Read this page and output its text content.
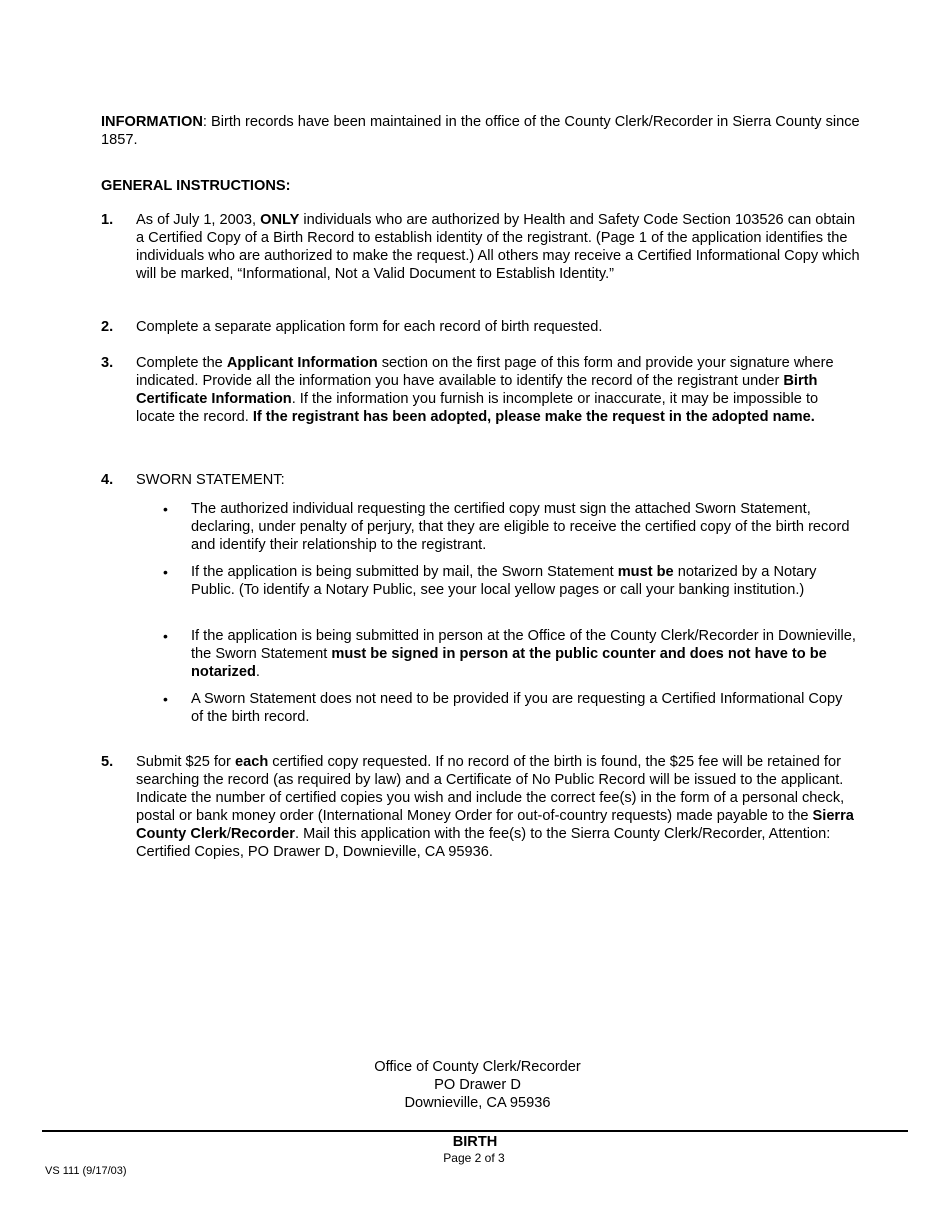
INFORMATION: Birth records have been maintained in the office of the County Clerk/Recorder in Sierra County since 1857.

GENERAL INSTRUCTIONS:

1. As of July 1, 2003, ONLY individuals who are authorized by Health and Safety Code Section 103526 can obtain a Certified Copy of a Birth Record to establish identity of the registrant. (Page 1 of the application identifies the individuals who are authorized to make the request.) All others may receive a Certified Informational Copy which will be marked, “Informational, Not a Valid Document to Establish Identity.”

2. Complete a separate application form for each record of birth requested.

3. Complete the Applicant Information section on the first page of this form and provide your signature where indicated. Provide all the information you have available to identify the record of the registrant under Birth Certificate Information. If the information you furnish is incomplete or inaccurate, it may be impossible to locate the record. If the registrant has been adopted, please make the request in the adopted name.

4. SWORN STATEMENT:

• The authorized individual requesting the certified copy must sign the attached Sworn Statement, declaring, under penalty of perjury, that they are eligible to receive the certified copy of the birth record and identify their relationship to the registrant.

• If the application is being submitted by mail, the Sworn Statement must be notarized by a Notary Public. (To identify a Notary Public, see your local yellow pages or call your banking institution.)

• If the application is being submitted in person at the Office of the County Clerk/Recorder in Downieville, the Sworn Statement must be signed in person at the public counter and does not have to be notarized.

• A Sworn Statement does not need to be provided if you are requesting a Certified Informational Copy of the birth record.

5. Submit $25 for each certified copy requested. If no record of the birth is found, the $25 fee will be retained for searching the record (as required by law) and a Certificate of No Public Record will be issued to the applicant. Indicate the number of certified copies you wish and include the correct fee(s) in the form of a personal check, postal or bank money order (International Money Order for out-of-country requests) made payable to the Sierra County Clerk/Recorder. Mail this application with the fee(s) to the Sierra County Clerk/Recorder, Attention: Certified Copies, PO Drawer D, Downieville, CA 95936.

Office of County Clerk/Recorder
PO Drawer D
Downieville, CA 95936
BIRTH
Page 2 of 3
VS 111 (9/17/03)
